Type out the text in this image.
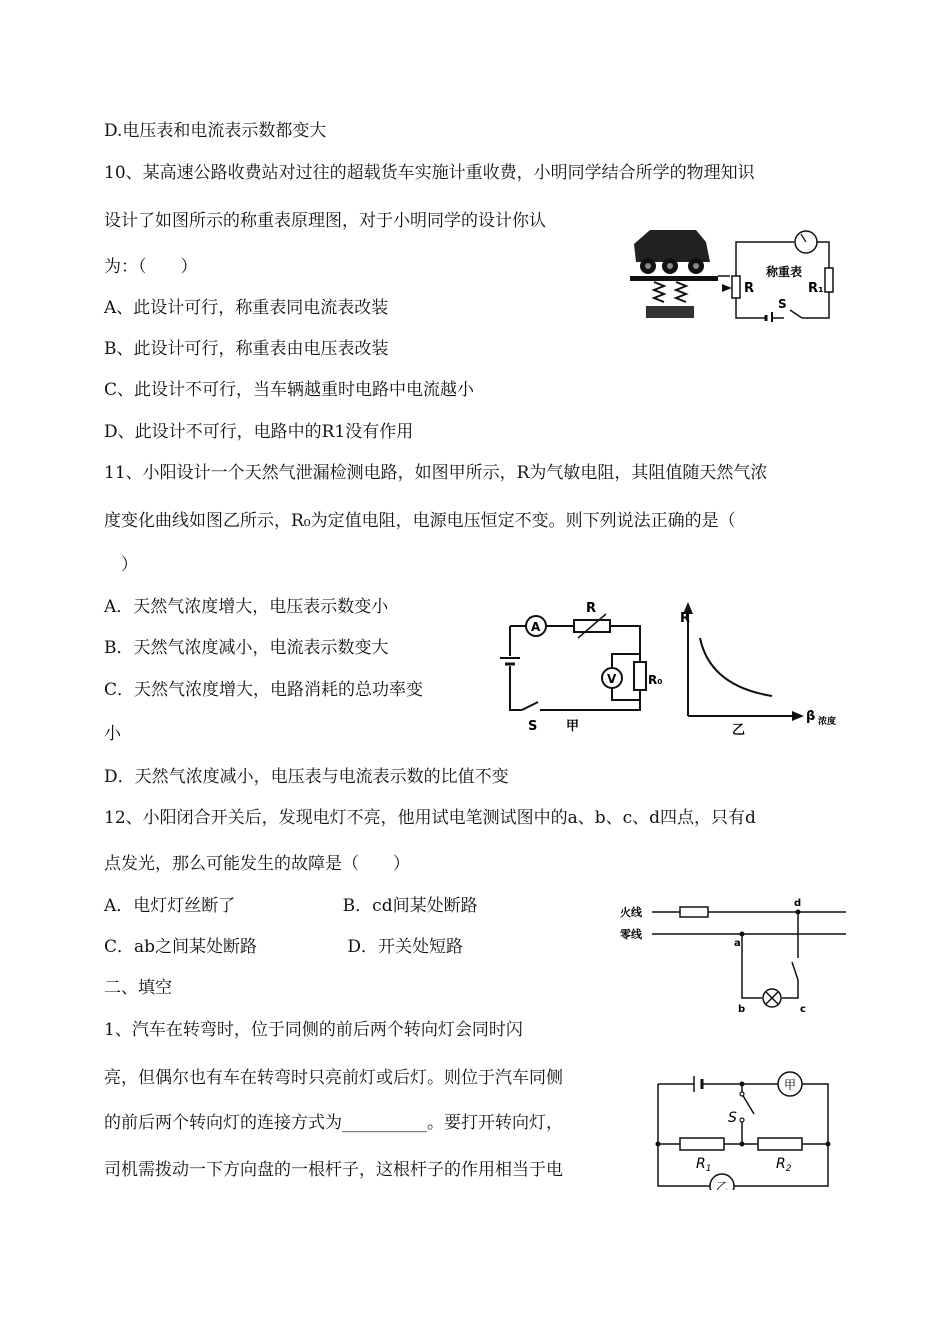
D.电压表和电流表示数都变大
10、某高速公路收费站对过往的超载货车实施计重收费，小明同学结合所学的物理知识
设计了如图所示的称重表原理图，对于小明同学的设计你认
为：（　　）
A、此设计可行，称重表同电流表改装
B、此设计可行，称重表由电压表改装
C、此设计不可行，当车辆越重时电路中电流越小
D、此设计不可行，电路中的R1没有作用
11、小阳设计一个天然气泄漏检测电路，如图甲所示，R为气敏电阻，其阻值随天然气浓
度变化曲线如图乙所示，R₀为定值电阻，电源电压恒定不变。则下列说法正确的是（
　）
A．天然气浓度增大，电压表示数变小
B．天然气浓度减小，电流表示数变大
C．天然气浓度增大，电路消耗的总功率变
小
D．天然气浓度减小，电压表与电流表示数的比值不变
12、小阳闭合开关后，发现电灯不亮，他用试电笔测试图中的a、b、c、d四点，只有d
点发光，那么可能发生的故障是（　　）
A．电灯灯丝断了　　　　　　 B．cd间某处断路
C．ab之间某处断路　　　　　 D．开关处短路
二、填空
1、汽车在转弯时，位于同侧的前后两个转向灯会同时闪
亮，但偶尔也有车在转弯时只亮前灯或后灯。则位于汽车同侧
的前后两个转向灯的连接方式为__________。要打开转向灯，
司机需拨动一下方向盘的一根杆子，这根杆子的作用相当于电
称重表
R	R₁
S
A
V
R
R₀
S 甲
R
β 浓度
乙
火线
零线
a
b	c
d
甲
乙
S
$R_1$	$R_2$
